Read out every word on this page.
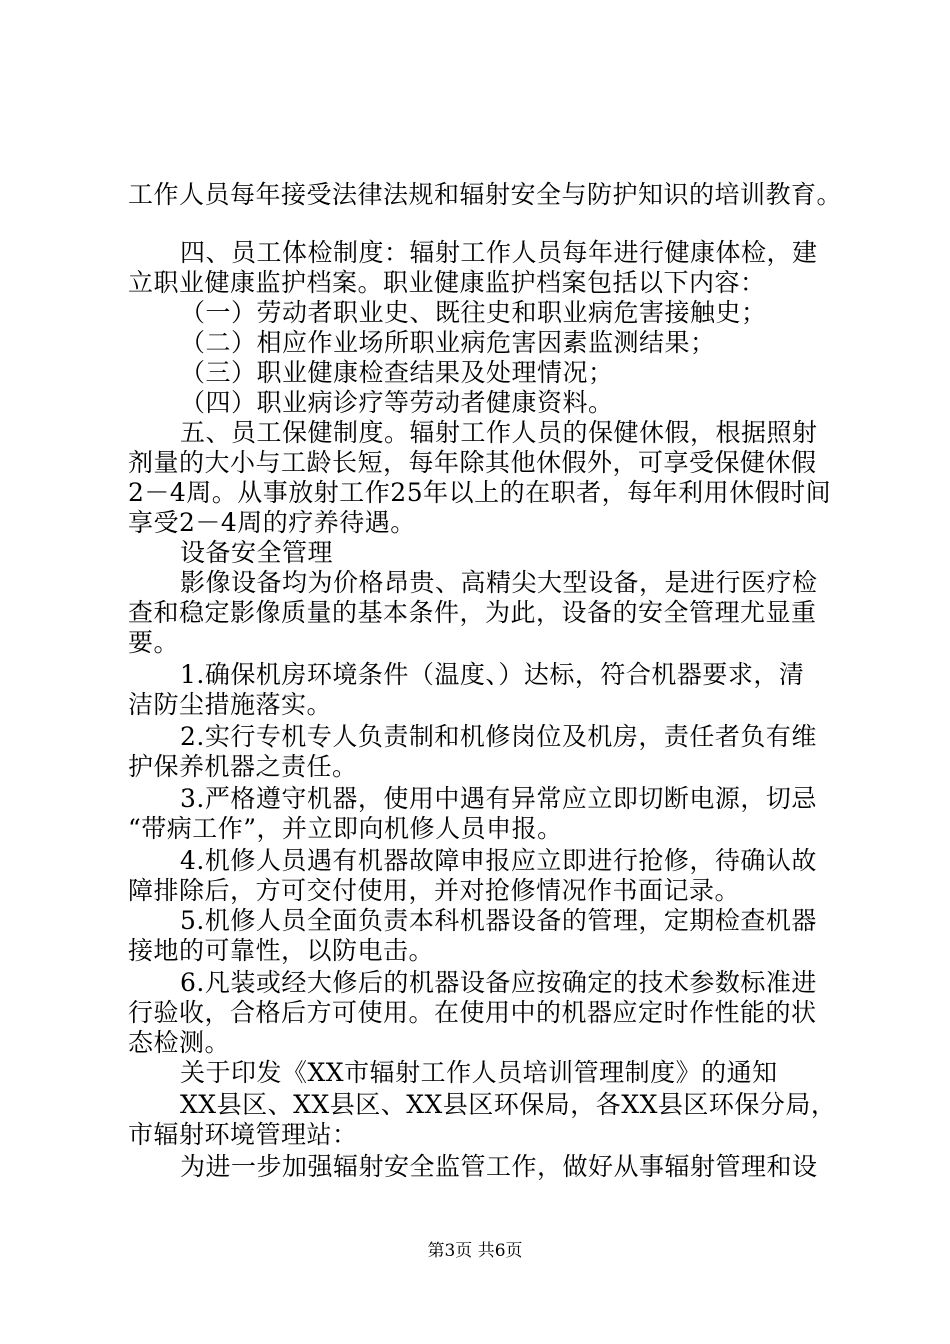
工作人员每年接受法律法规和辐射安全与防护知识的培训教育。
四、员工体检制度：辐射工作人员每年进行健康体检，建
立职业健康监护档案。职业健康监护档案包括以下内容：
（一）劳动者职业史、既往史和职业病危害接触史；
（二）相应作业场所职业病危害因素监测结果；
（三）职业健康检查结果及处理情况；
（四）职业病诊疗等劳动者健康资料。
五、员工保健制度。辐射工作人员的保健休假，根据照射
剂量的大小与工龄长短，每年除其他休假外，可享受保健休假
2－4周。从事放射工作25年以上的在职者，每年利用休假时间
享受2－4周的疗养待遇。
设备安全管理
影像设备均为价格昂贵、高精尖大型设备，是进行医疗检
查和稳定影像质量的基本条件，为此，设备的安全管理尤显重
要。
1.确保机房环境条件（温度、）达标，符合机器要求，清
洁防尘措施落实。
2.实行专机专人负责制和机修岗位及机房，责任者负有维
护保养机器之责任。
3.严格遵守机器，使用中遇有异常应立即切断电源，切忌
“带病工作”，并立即向机修人员申报。
4.机修人员遇有机器故障申报应立即进行抢修，待确认故
障排除后，方可交付使用，并对抢修情况作书面记录。
5.机修人员全面负责本科机器设备的管理，定期检查机器
接地的可靠性，以防电击。
6.凡装或经大修后的机器设备应按确定的技术参数标准进
行验收，合格后方可使用。在使用中的机器应定时作性能的状
态检测。
关于印发《XX市辐射工作人员培训管理制度》的通知
XX县区、XX县区、XX县区环保局，各XX县区环保分局，
市辐射环境管理站：
为进一步加强辐射安全监管工作，做好从事辐射管理和设
第3页 共6页
